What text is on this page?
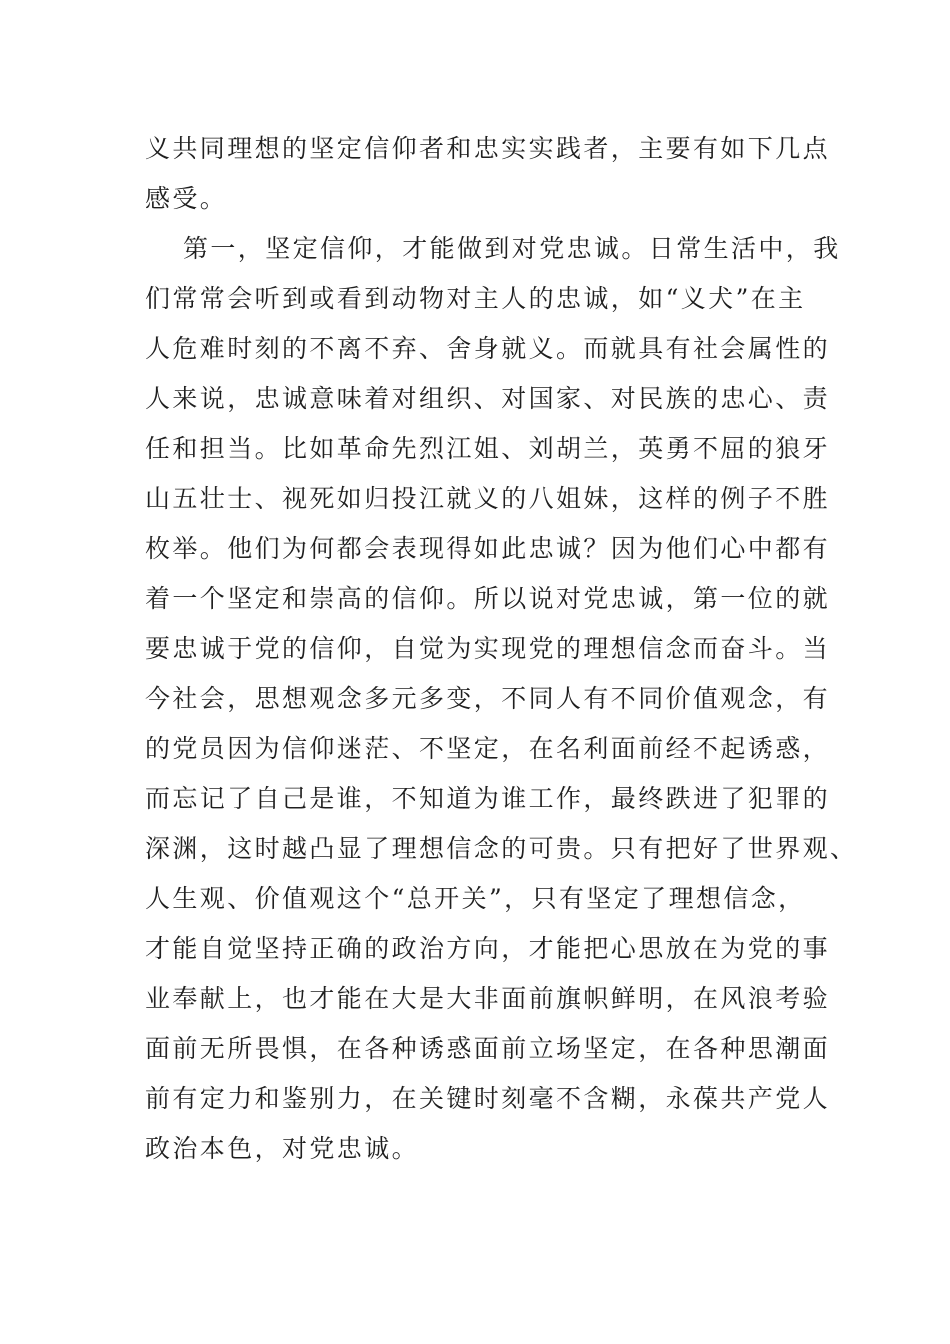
义共同理想的坚定信仰者和忠实实践者，主要有如下几点
感受。
第一，坚定信仰，才能做到对党忠诚。日常生活中，我
们常常会听到或看到动物对主人的忠诚，如“义犬”在主
人危难时刻的不离不弃、舍身就义。而就具有社会属性的
人来说，忠诚意味着对组织、对国家、对民族的忠心、责
任和担当。比如革命先烈江姐、刘胡兰，英勇不屈的狼牙
山五壮士、视死如归投江就义的八姐妹，这样的例子不胜
枚举。他们为何都会表现得如此忠诚？因为他们心中都有
着一个坚定和崇高的信仰。所以说对党忠诚，第一位的就
要忠诚于党的信仰，自觉为实现党的理想信念而奋斗。当
今社会，思想观念多元多变，不同人有不同价值观念，有
的党员因为信仰迷茫、不坚定，在名利面前经不起诱惑，
而忘记了自己是谁，不知道为谁工作，最终跌进了犯罪的
深渊，这时越凸显了理想信念的可贵。只有把好了世界观、
人生观、价值观这个“总开关”，只有坚定了理想信念，
才能自觉坚持正确的政治方向，才能把心思放在为党的事
业奉献上，也才能在大是大非面前旗帜鲜明，在风浪考验
面前无所畏惧，在各种诱惑面前立场坚定，在各种思潮面
前有定力和鉴别力，在关键时刻毫不含糊，永葆共产党人
政治本色，对党忠诚。
